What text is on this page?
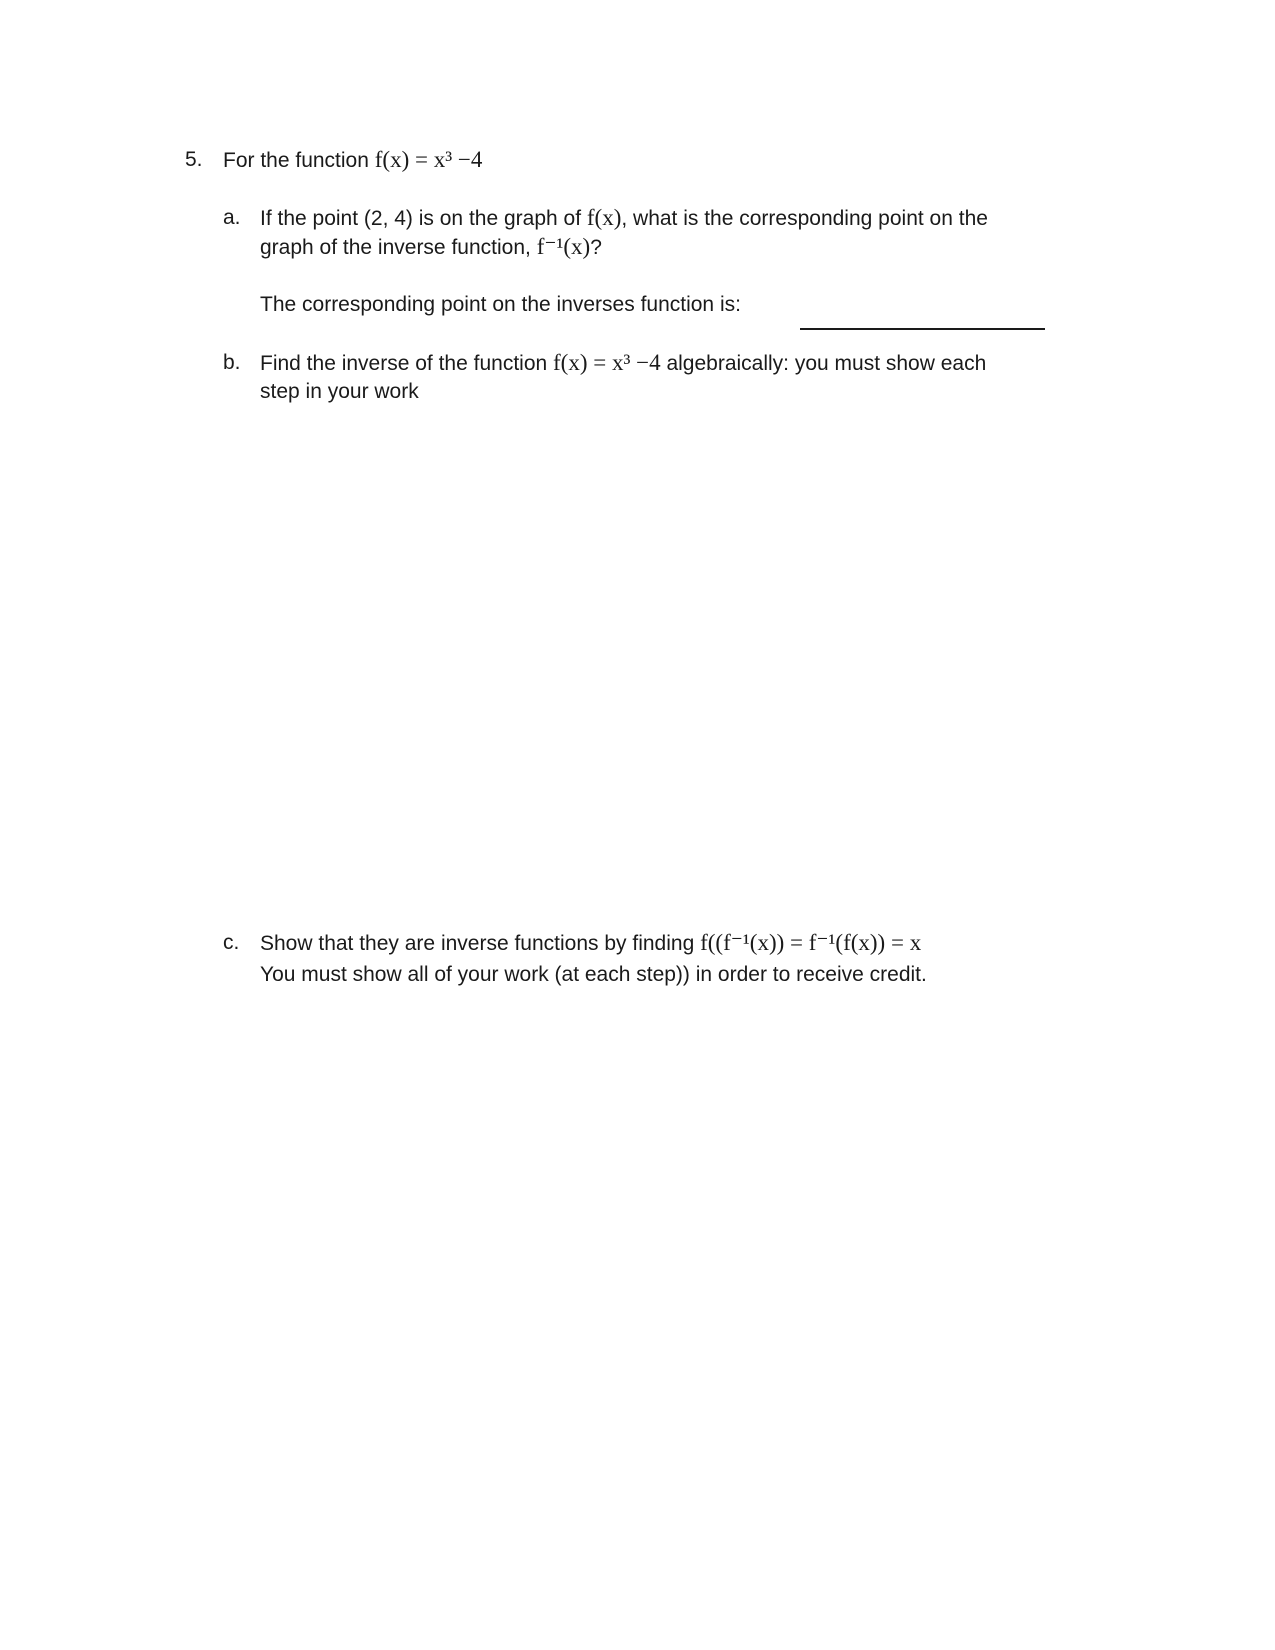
5. For the function f(x) = x³ −4
a. If the point (2, 4) is on the graph of f(x), what is the corresponding point on the
graph of the inverse function, f⁻¹(x)?
The corresponding point on the inverses function is:
b. Find the inverse of the function f(x) = x³ −4 algebraically: you must show each
step in your work
c. Show that they are inverse functions by finding f((f⁻¹(x)) = f⁻¹(f(x)) = x
You must show all of your work (at each step)) in order to receive credit.
